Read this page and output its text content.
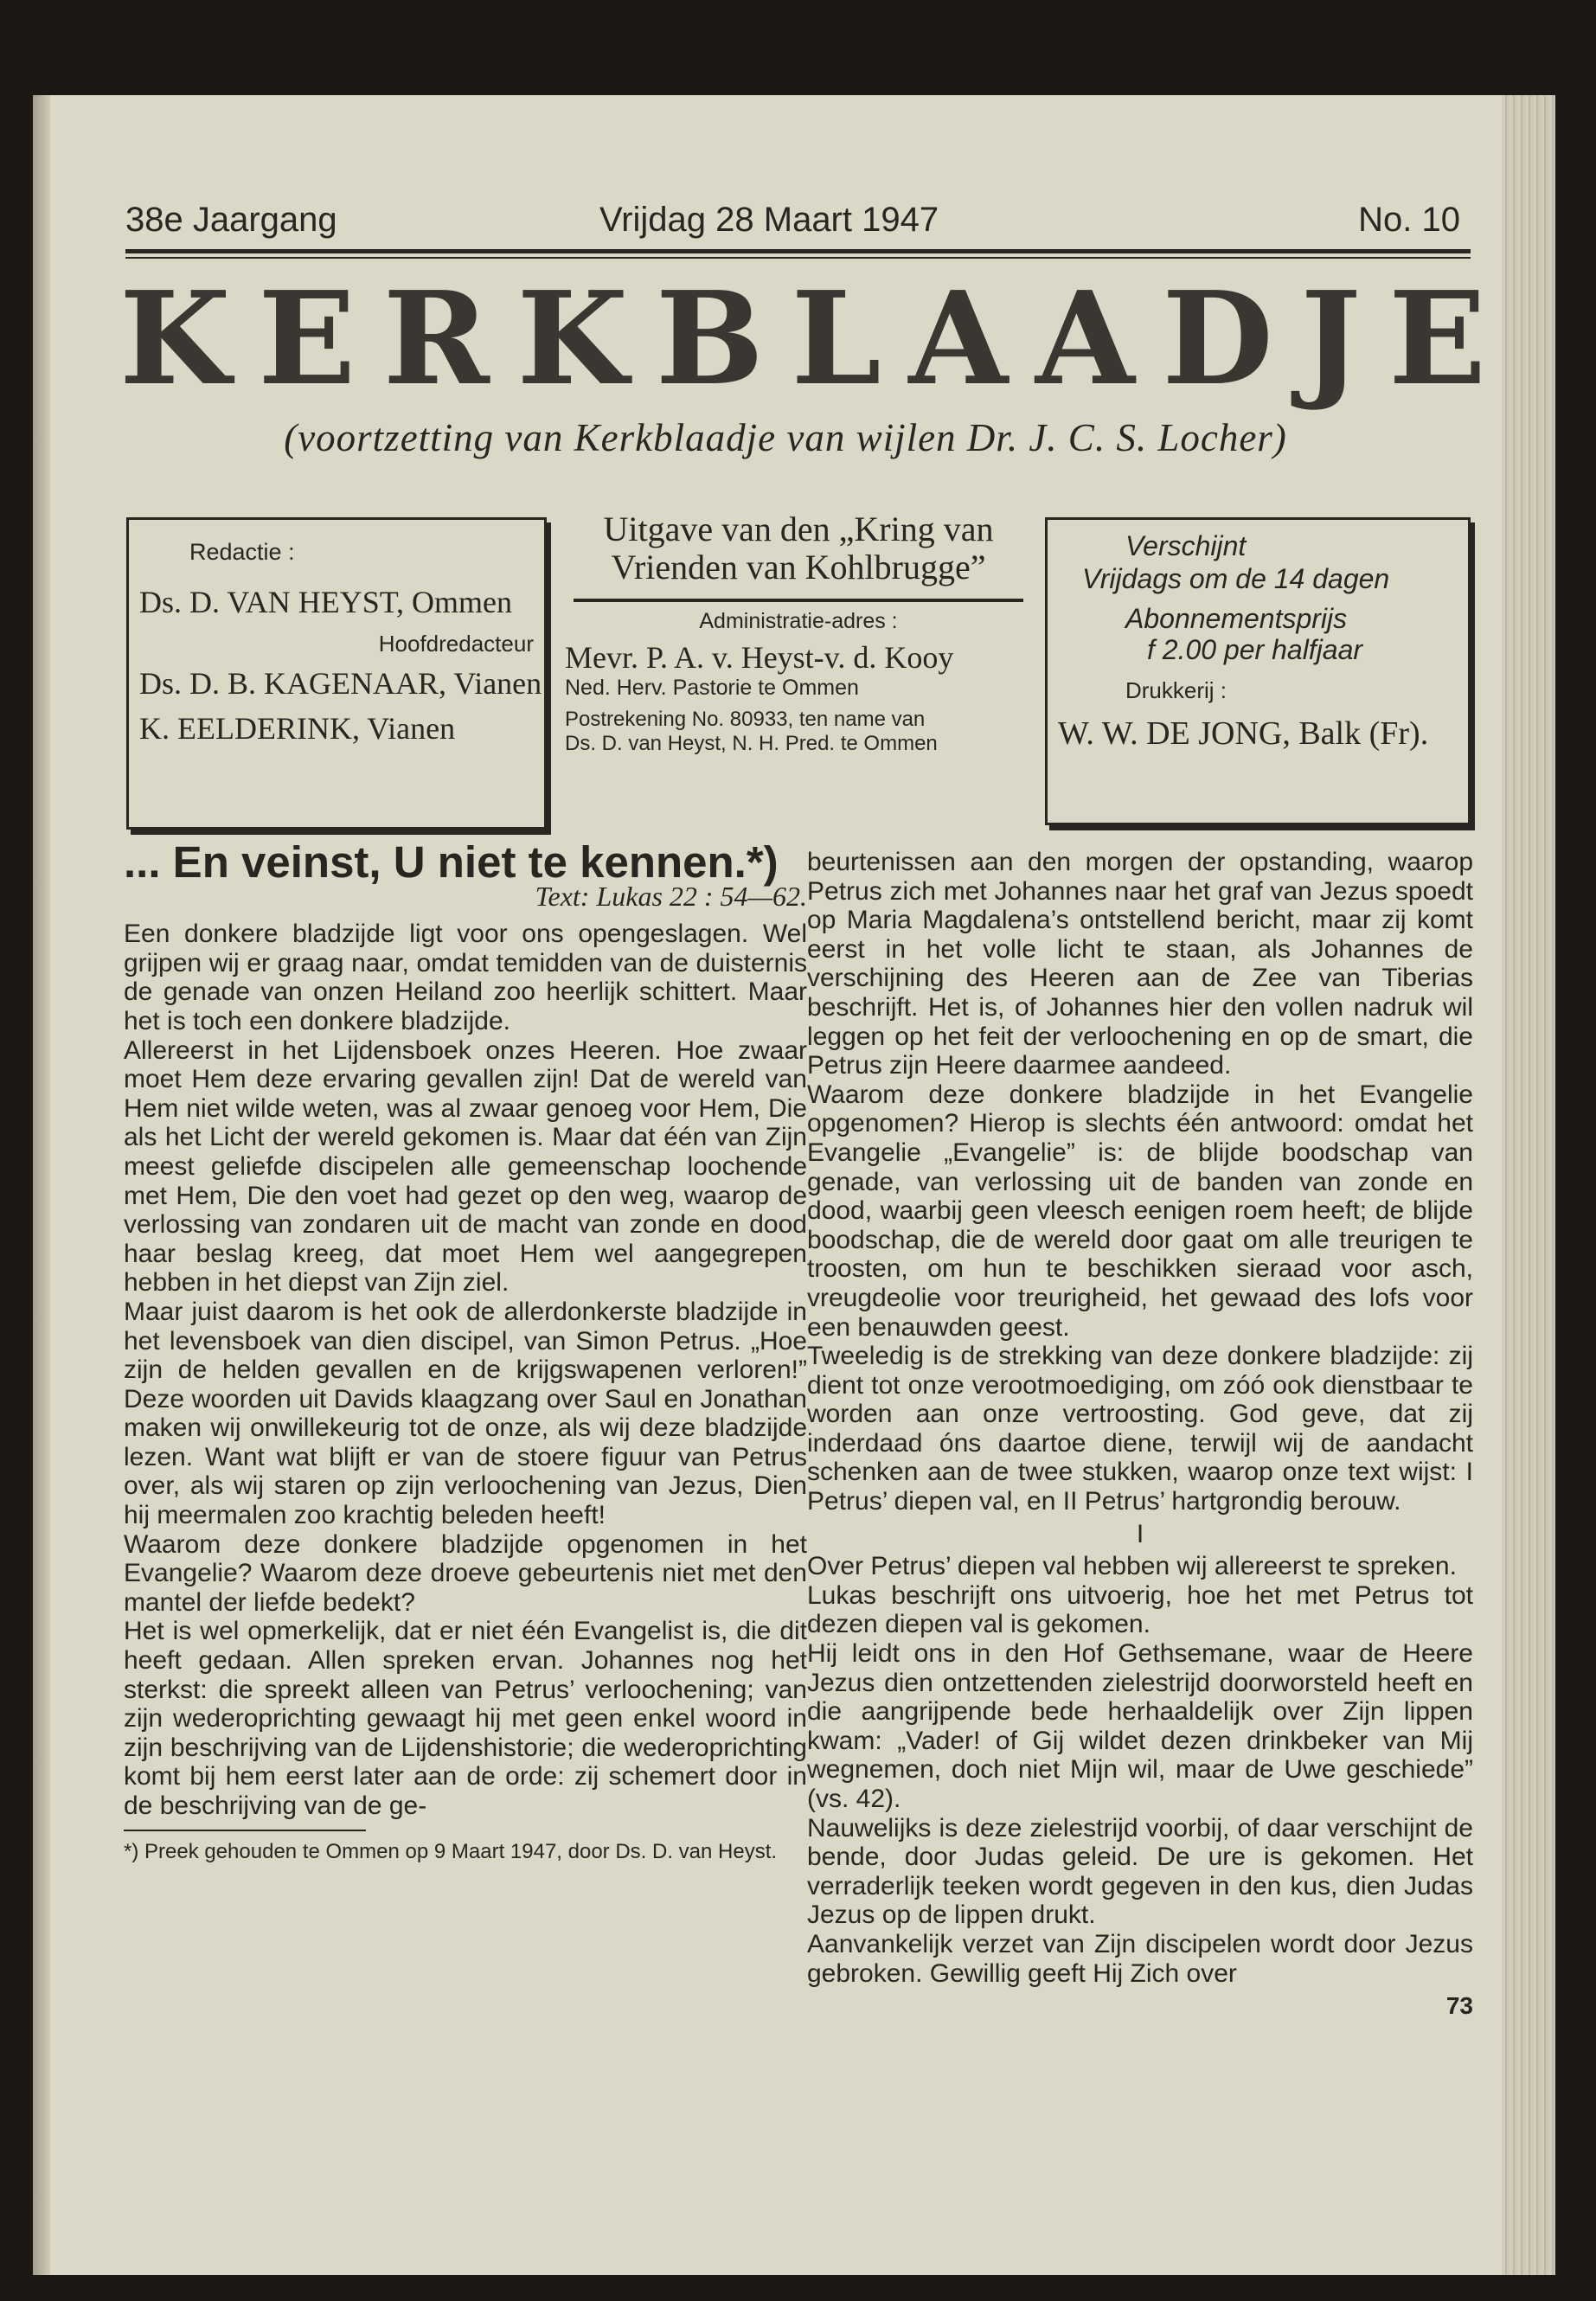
38e Jaargang	Vrijdag 28 Maart 1947	No. 10
K E R K B L A A D J E
(voortzetting van Kerkblaadje van wijlen Dr. J. C. S. Locher)
Redactie :
Ds. D. VAN HEYST, Ommen
Hoofdredacteur
Ds. D. B. KAGENAAR, Vianen
K. EELDERINK, Vianen
Uitgave van den „Kring van Vrienden van Kohlbrugge”
Administratie-adres :
Mevr. P. A. v. Heyst-v. d. Kooy
Ned. Herv. Pastorie te Ommen
Postrekening No. 80933, ten name van
Ds. D. van Heyst, N. H. Pred. te Ommen
Verschijnt
Vrijdags om de 14 dagen
Abonnementsprijs
f 2.00 per halfjaar
Drukkerij :
W. W. DE JONG, Balk (Fr).
... En veinst, U niet te kennen.*)
Text: Lukas 22 : 54—62.

Een donkere bladzijde ligt voor ons opengeslagen. Wel grijpen wij er graag naar, omdat temidden van de duisternis de genade van onzen Heiland zoo heerlijk schittert. Maar het is toch een donkere bladzijde.

Allereerst in het Lijdensboek onzes Heeren. Hoe zwaar moet Hem deze ervaring gevallen zijn! Dat de wereld van Hem niet wilde weten, was al zwaar genoeg voor Hem, Die als het Licht der wereld gekomen is. Maar dat één van Zijn meest geliefde discipelen alle gemeenschap loochende met Hem, Die den voet had gezet op den weg, waarop de verlossing van zondaren uit de macht van zonde en dood haar beslag kreeg, dat moet Hem wel aangegrepen hebben in het diepst van Zijn ziel.

Maar juist daarom is het ook de allerdonkerste bladzijde in het levensboek van dien discipel, van Simon Petrus. „Hoe zijn de helden gevallen en de krijgswapenen verloren!” Deze woorden uit Davids klaagzang over Saul en Jonathan maken wij onwillekeurig tot de onze, als wij deze bladzijde lezen. Want wat blijft er van de stoere figuur van Petrus over, als wij staren op zijn verloochening van Jezus, Dien hij meermalen zoo krachtig beleden heeft!

Waarom deze donkere bladzijde opgenomen in het Evangelie? Waarom deze droeve gebeurtenis niet met den mantel der liefde bedekt?

Het is wel opmerkelijk, dat er niet één Evangelist is, die dit heeft gedaan. Allen spreken ervan. Johannes nog het sterkst: die spreekt alleen van Petrus’ verloochening; van zijn wederoprichting gewaagt hij met geen enkel woord in zijn beschrijving van de Lijdenshistorie; die wederoprichting komt bij hem eerst later aan de orde: zij schemert door in de beschrijving van de ge-

*) Preek gehouden te Ommen op 9 Maart 1947, door Ds. D. van Heyst.

beurtenissen aan den morgen der opstanding, waarop Petrus zich met Johannes naar het graf van Jezus spoedt op Maria Magdalena’s ontstellend bericht, maar zij komt eerst in het volle licht te staan, als Johannes de verschijning des Heeren aan de Zee van Tiberias beschrijft. Het is, of Johannes hier den vollen nadruk wil leggen op het feit der verloochening en op de smart, die Petrus zijn Heere daarmee aandeed.

Waarom deze donkere bladzijde in het Evangelie opgenomen? Hierop is slechts één antwoord: omdat het Evangelie „Evangelie” is: de blijde boodschap van genade, van verlossing uit de banden van zonde en dood, waarbij geen vleesch eenigen roem heeft; de blijde boodschap, die de wereld door gaat om alle treurigen te troosten, om hun te beschikken sieraad voor asch, vreugdeolie voor treurigheid, het gewaad des lofs voor een benauwden geest.

Tweeledig is de strekking van deze donkere bladzijde: zij dient tot onze verootmoediging, om zóó ook dienstbaar te worden aan onze vertroosting. God geve, dat zij inderdaad óns daartoe diene, terwijl wij de aandacht schenken aan de twee stukken, waarop onze text wijst: I Petrus’ diepen val, en II Petrus’ hartgrondig berouw.

I

Over Petrus’ diepen val hebben wij allereerst te spreken.

Lukas beschrijft ons uitvoerig, hoe het met Petrus tot dezen diepen val is gekomen.

Hij leidt ons in den Hof Gethsemane, waar de Heere Jezus dien ontzettenden zielestrijd doorworsteld heeft en die aangrijpende bede herhaaldelijk over Zijn lippen kwam: „Vader! of Gij wildet dezen drinkbeker van Mij wegnemen, doch niet Mijn wil, maar de Uwe geschiede” (vs. 42).

Nauwelijks is deze zielestrijd voorbij, of daar verschijnt de bende, door Judas geleid. De ure is gekomen. Het verraderlijk teeken wordt gegeven in den kus, dien Judas Jezus op de lippen drukt.

Aanvankelijk verzet van Zijn discipelen wordt door Jezus gebroken. Gewillig geeft Hij Zich over

73
